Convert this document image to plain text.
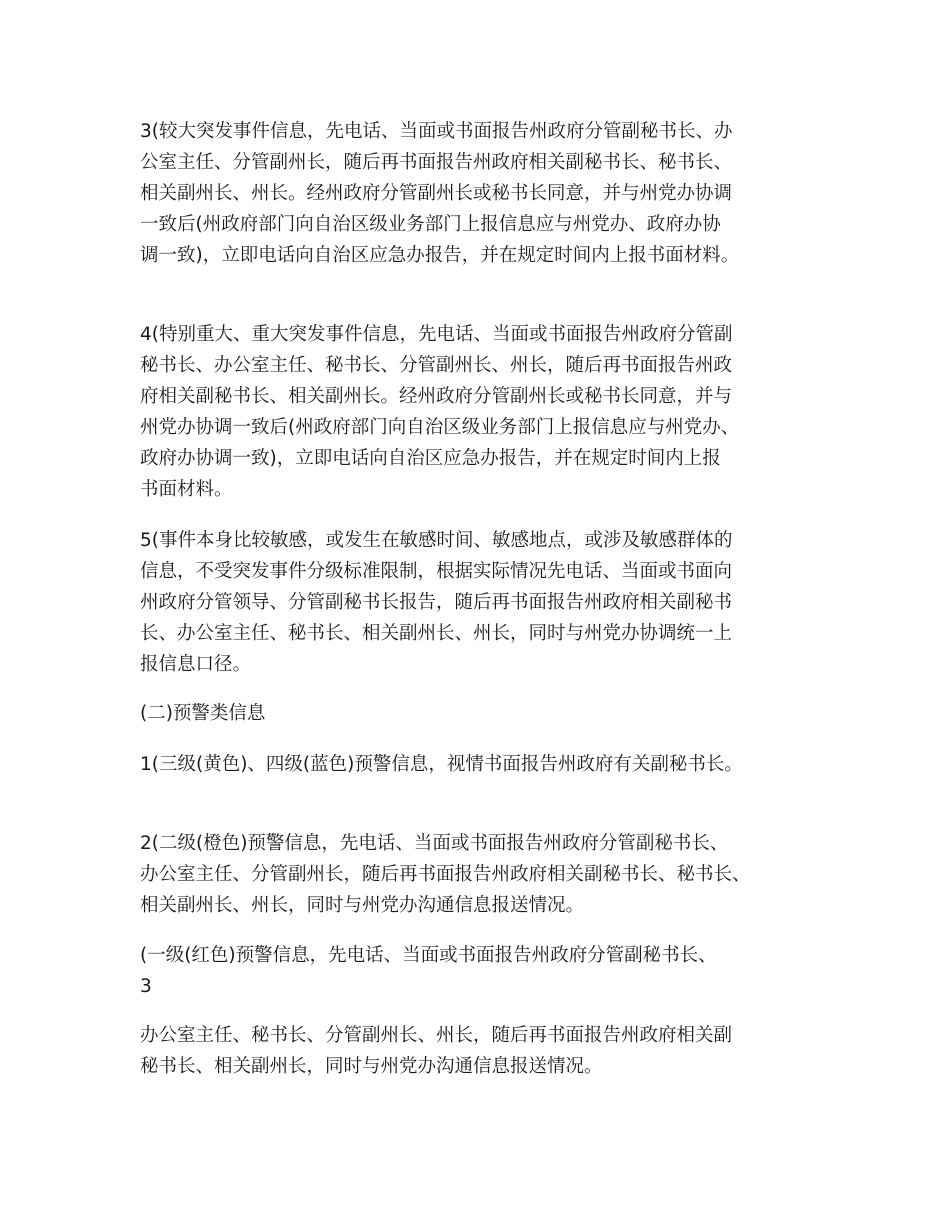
3(较大突发事件信息，先电话、当面或书面报告州政府分管副秘书长、办
公室主任、分管副州长，随后再书面报告州政府相关副秘书长、秘书长、
相关副州长、州长。经州政府分管副州长或秘书长同意，并与州党办协调
一致后(州政府部门向自治区级业务部门上报信息应与州党办、政府办协
调一致)，立即电话向自治区应急办报告，并在规定时间内上报书面材料。

4(特别重大、重大突发事件信息，先电话、当面或书面报告州政府分管副
秘书长、办公室主任、秘书长、分管副州长、州长，随后再书面报告州政
府相关副秘书长、相关副州长。经州政府分管副州长或秘书长同意，并与
州党办协调一致后(州政府部门向自治区级业务部门上报信息应与州党办、
政府办协调一致)，立即电话向自治区应急办报告，并在规定时间内上报
书面材料。

5(事件本身比较敏感，或发生在敏感时间、敏感地点，或涉及敏感群体的
信息，不受突发事件分级标准限制，根据实际情况先电话、当面或书面向
州政府分管领导、分管副秘书长报告，随后再书面报告州政府相关副秘书
长、办公室主任、秘书长、相关副州长、州长，同时与州党办协调统一上
报信息口径。

(二)预警类信息

1(三级(黄色)、四级(蓝色)预警信息，视情书面报告州政府有关副秘书长。

2(二级(橙色)预警信息，先电话、当面或书面报告州政府分管副秘书长、
办公室主任、分管副州长，随后再书面报告州政府相关副秘书长、秘书长、
相关副州长、州长，同时与州党办沟通信息报送情况。

(一级(红色)预警信息，先电话、当面或书面报告州政府分管副秘书长、
3

办公室主任、秘书长、分管副州长、州长，随后再书面报告州政府相关副
秘书长、相关副州长，同时与州党办沟通信息报送情况。
